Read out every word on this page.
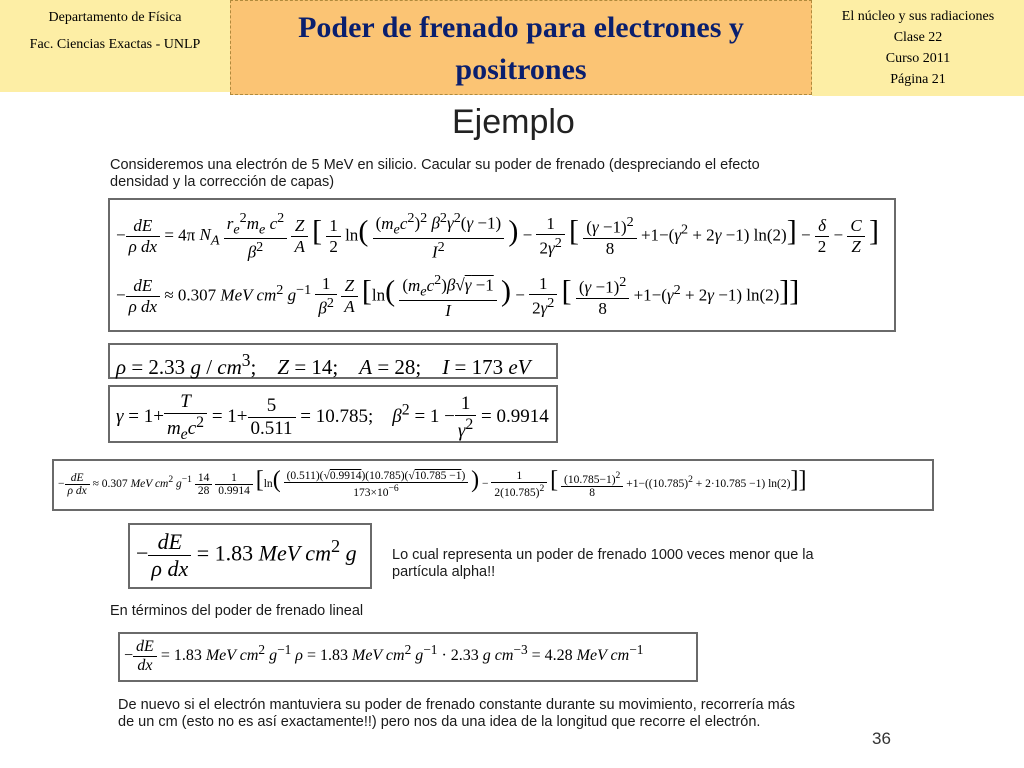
Departamento de Física
Fac. Ciencias Exactas - UNLP
Poder de frenado para electrones y
positrones
El núcleo y sus radiaciones
Clase 22
Curso 2011
Página 21
Ejemplo
Consideremos una electrón de 5 MeV en silicio. Cacular su poder de frenado (despreciando el efecto
densidad y la corrección de capas)
− $\frac{dE}{\text{ρ dx}} = 4\pi$ $N_A \frac{r_e^2m_e c^2}{\beta^2}$
$\frac{Z}{A}$ [ $\frac{1}{2} \ln( \frac{(m_ec^2)^2 \beta^2\gamma^2(\gamma -1)}{I^2}$ ) − $\frac{1}{2\gamma^2}$ [ $\frac{(\gamma -1)^2}{8} +1-(\gamma^2 + 2\gamma -1) \ln(2)] - \frac{\delta}{2} - \frac{C}{Z}$ ]
− $\frac{dE}{\text{ρ dx}} \approx 0.307$ MeV $cm^2$ $g^{-1} \frac{1}{\beta^2}$
$\frac{Z}{A} [\ln( \frac{(m_ec^2)\beta√\gamma -1}{I}$ ) − $\frac{1}{2\gamma^2}$ [ $\frac{(\gamma -1)^2}{8} +1-(\gamma^2 + 2\gamma -1)$ ln(2)]]
ρ = 2.33 g / $cm^3$;    Z = 14;    A = 28;    I = 173 eV
$\gamma = 1+ \frac{T}{m_ec^2} = 1+ \frac{5}{0.511} = 10.785$;    $\beta^2 = 1 - \frac{1}{\gamma^2} = 0.9914$
− $\frac{dE}{\text{ρ dx}} \approx 0.307$ MeV $cm^2$ $g^{-1} \frac{14}{28}$
$\frac{1}{0.9914} [\ln( \frac{(0.511)(√0.9914)(10.785)(√10.785 -1)}{173\times 10^{-6}}$ ) − $\frac{1}{2(10.785)^2}$ [ $\frac{(10.785-1)^2}{8} +1-((10.785)^2 + 2\cdot 10.785 -1)$ ln(2)]]
− $\frac{dE}{\text{ρ dx}} = 1.83$ MeV $cm^2$ g Lo cual representa un poder de frenado 1000 veces menor que la
partícula alpha!!
En términos del poder de frenado lineal
− $\frac{dE}{dx} = 1.83$ MeV $cm^2$ $g^{-1}$ ρ = 1.83 MeV $cm^2$ $g^{-1} \cdot 2.33$ g $cm^{-3} = 4.28$ MeV $cm^{-1}$
De nuevo si el electrón mantuviera su poder de frenado constante durante su movimiento, recorrería más
de un cm (esto no es así exactamente!!) pero nos da una idea de la longitud que recorre el electrón.
36
